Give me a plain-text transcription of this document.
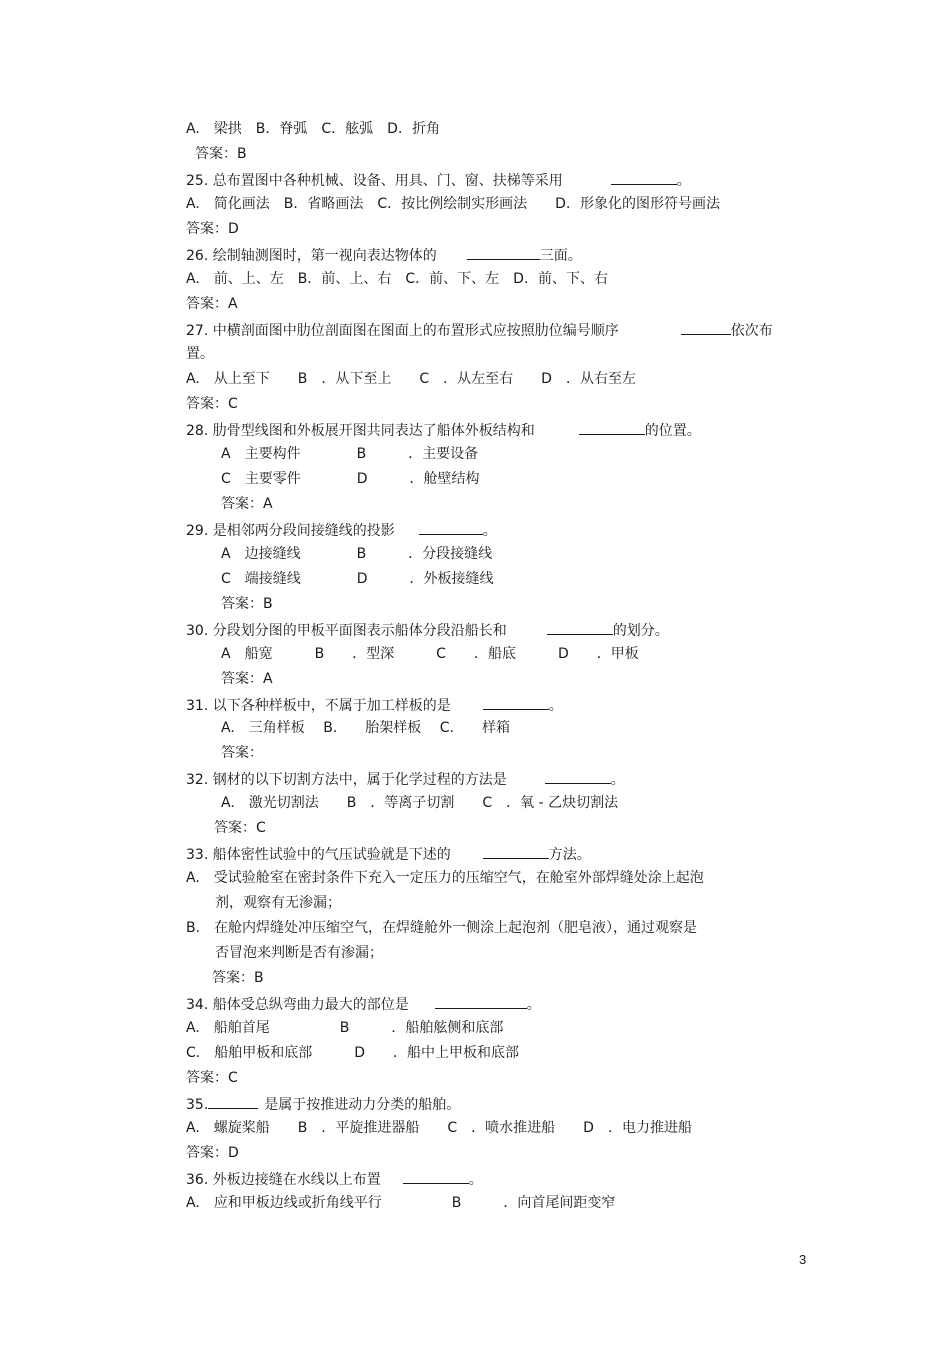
A.　梁拱　B．脊弧　C．舷弧　D．折角
答案：B
25. 总布置图中各种机械、设备、用具、门、窗、扶梯等采用	。
A.　简化画法　B．省略画法　C．按比例绘制实形画法　　D．形象化的图形符号画法
答案：D
26. 绘制轴测图时，第一视向表达物体的	三面。
A.　前、上、左　B．前、上、右　C．前、下、左　D．前、下、右
答案：A
27. 中横剖面图中肋位剖面图在图面上的布置形式应按照肋位编号顺序	依次布
置。
A.　从上至下　　B　．从下至上　　C　．从左至右　　D　．从右至左
答案：C
28. 肋骨型线图和外板展开图共同表达了船体外板结构和	的位置。
A　主要构件　　　　B　　　．主要设备
C　主要零件　　　　D　　　．舱壁结构
答案：A
29. 是相邻两分段间接缝线的投影	。
A　边接缝线　　　　B　　　．分段接缝线
C　端接缝线　　　　D　　　．外板接缝线
答案：B
30. 分段划分图的甲板平面图表示船体分段沿船长和	的划分。
A　船宽　　　B　　．型深　　　C　　．船底　　　D　　．甲板
答案：A
31. 以下各种样板中，不属于加工样板的是	。
A.　三角样板　 B.　　胎架样板　 C.　　样箱
答案：
32. 钢材的以下切割方法中，属于化学过程的方法是	。
A.　激光切割法　　B　．等离子切割　　C　．氧 - 乙炔切割法
答案：C
33. 船体密性试验中的气压试验就是下述的	方法。
A.　受试验舱室在密封条件下充入一定压力的压缩空气，在舱室外部焊缝处涂上起泡
剂，观察有无渗漏；
B.　在舱内焊缝处冲压缩空气，在焊缝舱外一侧涂上起泡剂（肥皂液），通过观察是
否冒泡来判断是否有渗漏；
答案：B
34. 船体受总纵弯曲力最大的部位是	。
A.　船舶首尾　　　　　B　　　．船舶舷侧和底部
C.　船舶甲板和底部　　　D　　．船中上甲板和底部
答案：C
35.	是属于按推进动力分类的船舶。
A.　螺旋桨船　　B　．平旋推进器船　　C　．喷水推进船　　D　．电力推进船
答案：D
36. 外板边接缝在水线以上布置	。
A.　应和甲板边线或折角线平行　　　　　B　　　．向首尾间距变窄
3
